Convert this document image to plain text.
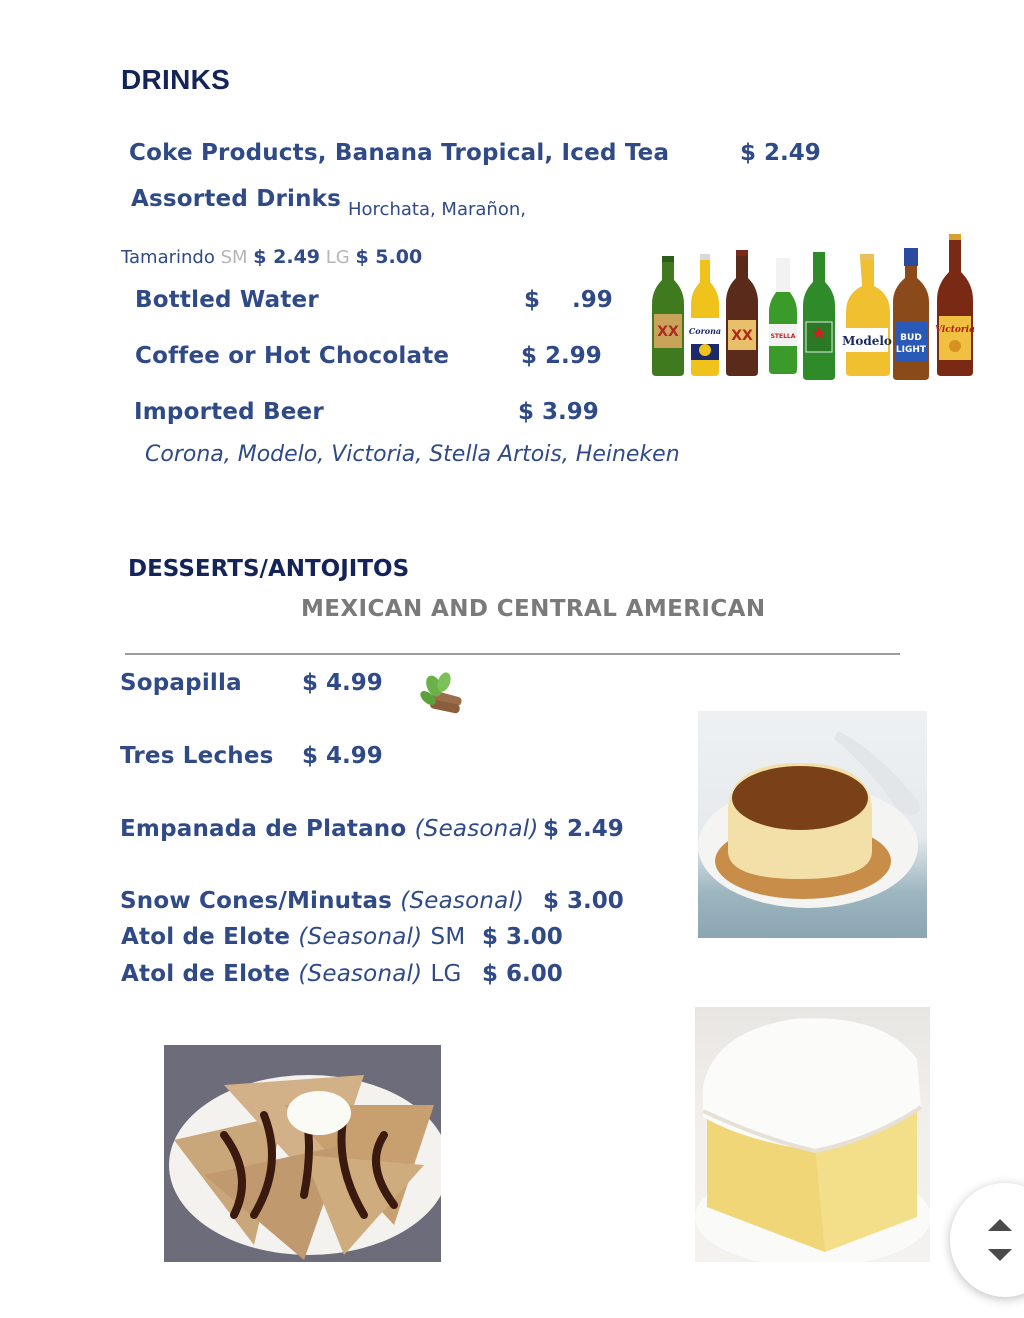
DRINKS
Coke Products, Banana Tropical, Iced Tea	$ 2.49
Assorted Drinks Horchata, Marañon,
Tamarindo SM $ 2.49 LG $ 5.00
Bottled Water	$    .99
Coffee or Hot Chocolate	$ 2.99
Imported Beer	$ 3.99
Corona, Modelo, Victoria, Stella Artois, Heineken
XX Corona XX	STELLA	Modelo BUD
LIGHT
Victoria
DESSERTS/ANTOJITOS
MEXICAN AND CENTRAL AMERICAN
Sopapilla	$ 4.99
Tres Leches $ 4.99
Empanada de Platano (Seasonal) $ 2.49
Snow Cones/Minutas (Seasonal) $ 3.00
Atol de Elote (Seasonal) SM $ 3.00
Atol de Elote (Seasonal) LG $ 6.00
